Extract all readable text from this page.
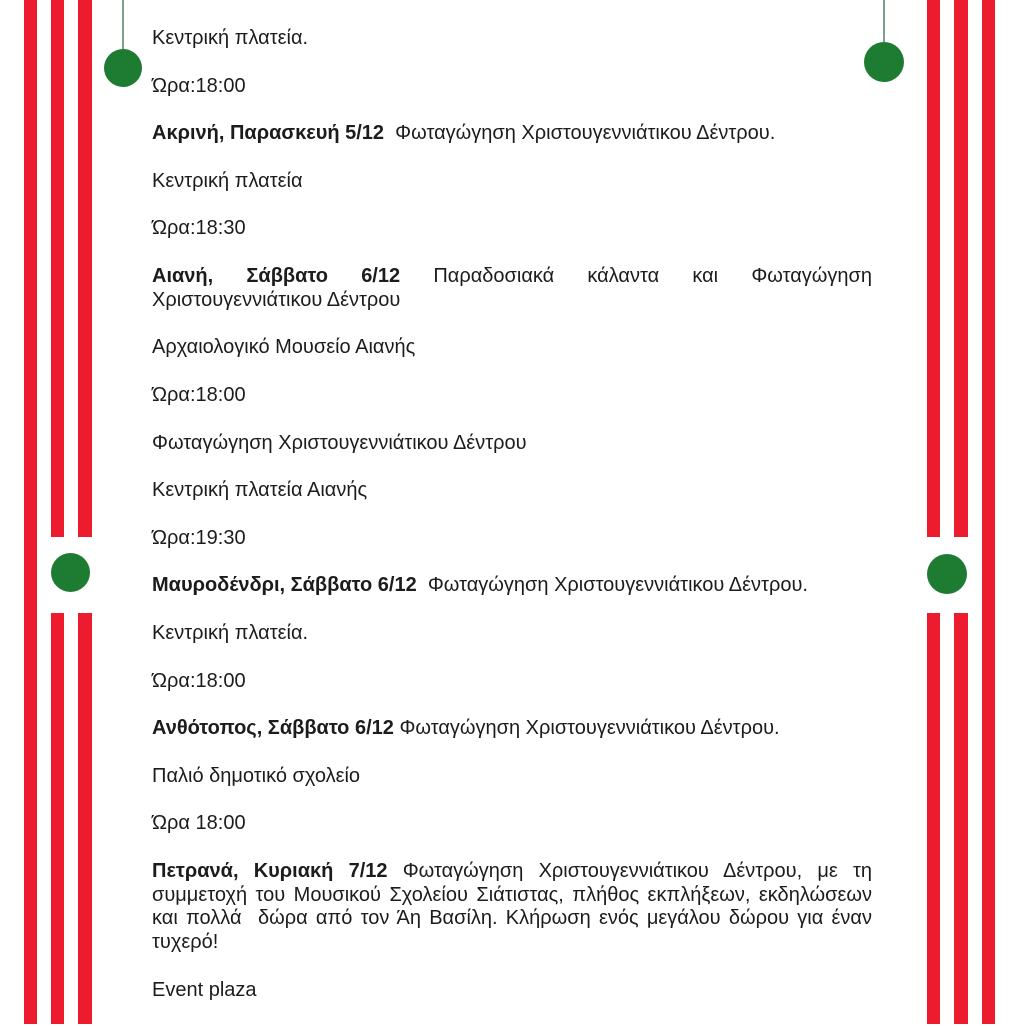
Κεντρική πλατεία.

Ώρα:18:00

Ακρινή, Παρασκευή 5/12  Φωταγώγηση Χριστουγεννιάτικου Δέντρου.

Κεντρική πλατεία

Ώρα:18:30

Αιανή, Σάββατο 6/12 Παραδοσιακά κάλαντα και Φωταγώγηση Χριστουγεννιάτικου Δέντρου

Αρχαιολογικό Μουσείο Αιανής

Ώρα:18:00

Φωταγώγηση Χριστουγεννιάτικου Δέντρου

Κεντρική πλατεία Αιανής

Ώρα:19:30

Μαυροδένδρι, Σάββατο 6/12  Φωταγώγηση Χριστουγεννιάτικου Δέντρου.

Κεντρική πλατεία.

Ώρα:18:00

Ανθότοπος, Σάββατο 6/12 Φωταγώγηση Χριστουγεννιάτικου Δέντρου.

Παλιό δημοτικό σχολείο

Ώρα 18:00

Πετρανά, Κυριακή 7/12 Φωταγώγηση Χριστουγεννιάτικου Δέντρου, με τη συμμετοχή του Μουσικού Σχολείου Σιάτιστας, πλήθος εκπλήξεων, εκδηλώσεων και πολλά  δώρα από τον Άη Βασίλη. Κλήρωση ενός μεγάλου δώρου για έναν τυχερό!

Event plaza
